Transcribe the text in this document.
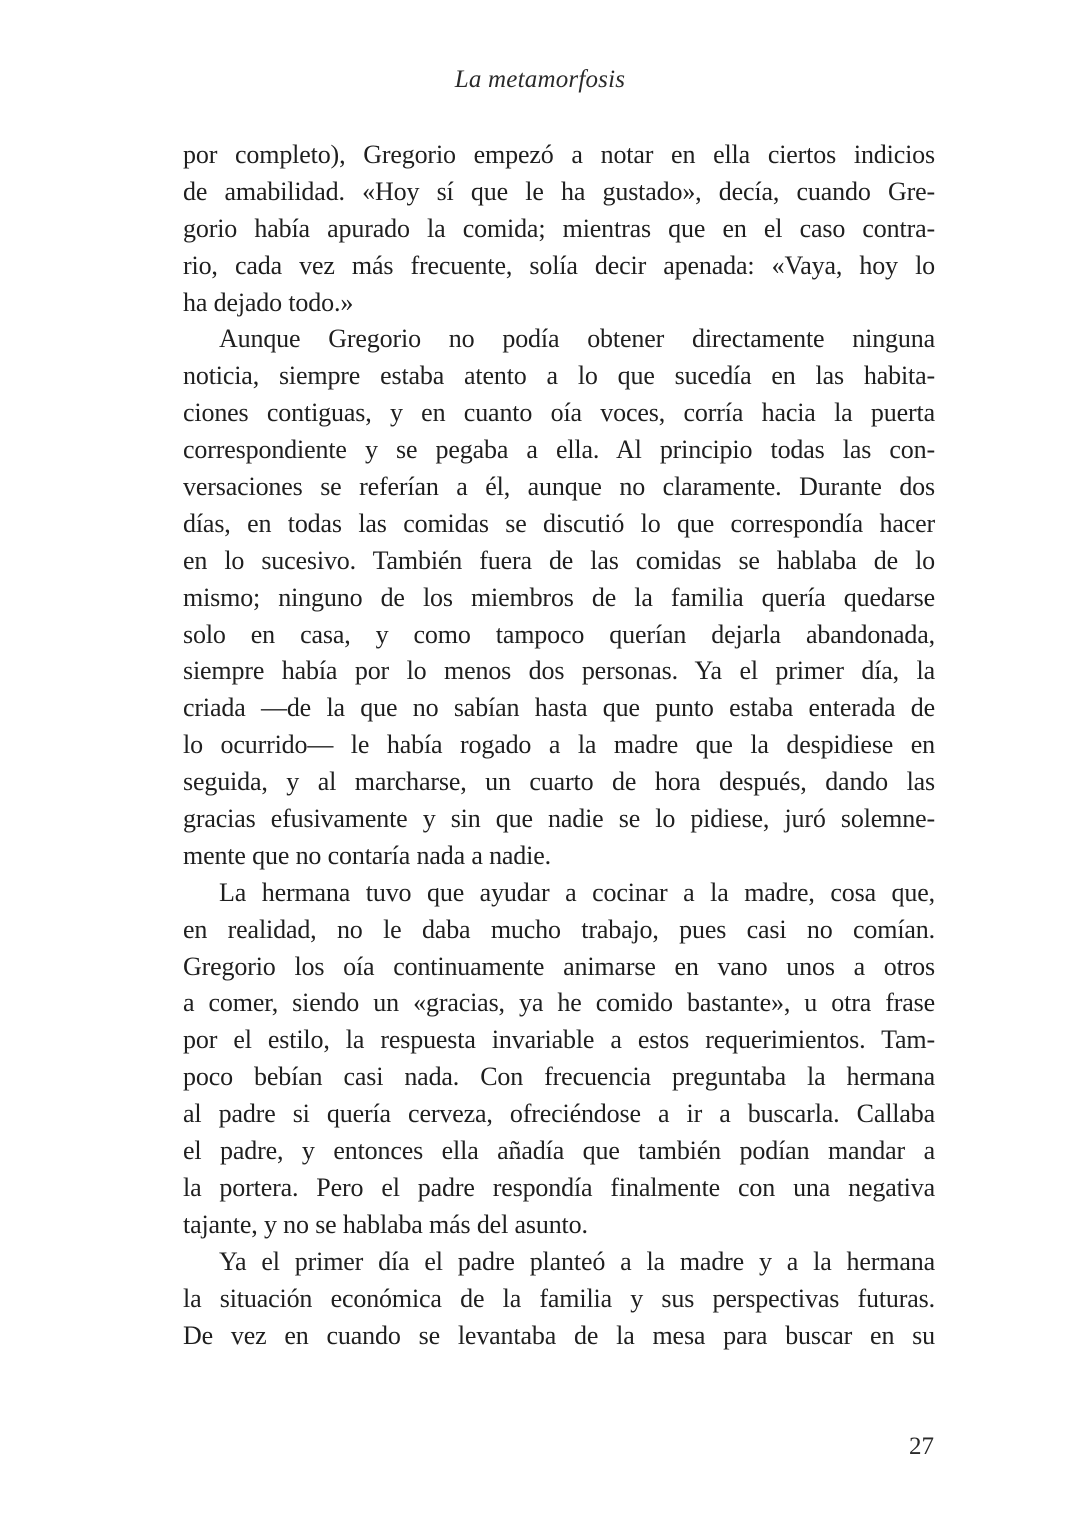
La metamorfosis
por completo), Gregorio empezó a notar en ella ciertos indicios
de amabilidad. «Hoy sí que le ha gustado», decía, cuando Gre-
gorio había apurado la comida; mientras que en el caso contra-
rio, cada vez más frecuente, solía decir apenada: «Vaya, hoy lo
ha dejado todo.»
Aunque Gregorio no podía obtener directamente ninguna
noticia, siempre estaba atento a lo que sucedía en las habita-
ciones contiguas, y en cuanto oía voces, corría hacia la puerta
correspondiente y se pegaba a ella. Al principio todas las con-
versaciones se referían a él, aunque no claramente. Durante dos
días, en todas las comidas se discutió lo que correspondía hacer
en lo sucesivo. También fuera de las comidas se hablaba de lo
mismo; ninguno de los miembros de la familia quería quedarse
solo en casa, y como tampoco querían dejarla abandonada,
siempre había por lo menos dos personas. Ya el primer día, la
criada —de la que no sabían hasta que punto estaba enterada de
lo ocurrido— le había rogado a la madre que la despidiese en
seguida, y al marcharse, un cuarto de hora después, dando las
gracias efusivamente y sin que nadie se lo pidiese, juró solemne-
mente que no contaría nada a nadie.
La hermana tuvo que ayudar a cocinar a la madre, cosa que,
en realidad, no le daba mucho trabajo, pues casi no comían.
Gregorio los oía continuamente animarse en vano unos a otros
a comer, siendo un «gracias, ya he comido bastante», u otra frase
por el estilo, la respuesta invariable a estos requerimientos. Tam-
poco bebían casi nada. Con frecuencia preguntaba la hermana
al padre si quería cerveza, ofreciéndose a ir a buscarla. Callaba
el padre, y entonces ella añadía que también podían mandar a
la portera. Pero el padre respondía finalmente con una negativa
tajante, y no se hablaba más del asunto.
Ya el primer día el padre planteó a la madre y a la hermana
la situación económica de la familia y sus perspectivas futuras.
De vez en cuando se levantaba de la mesa para buscar en su
27
